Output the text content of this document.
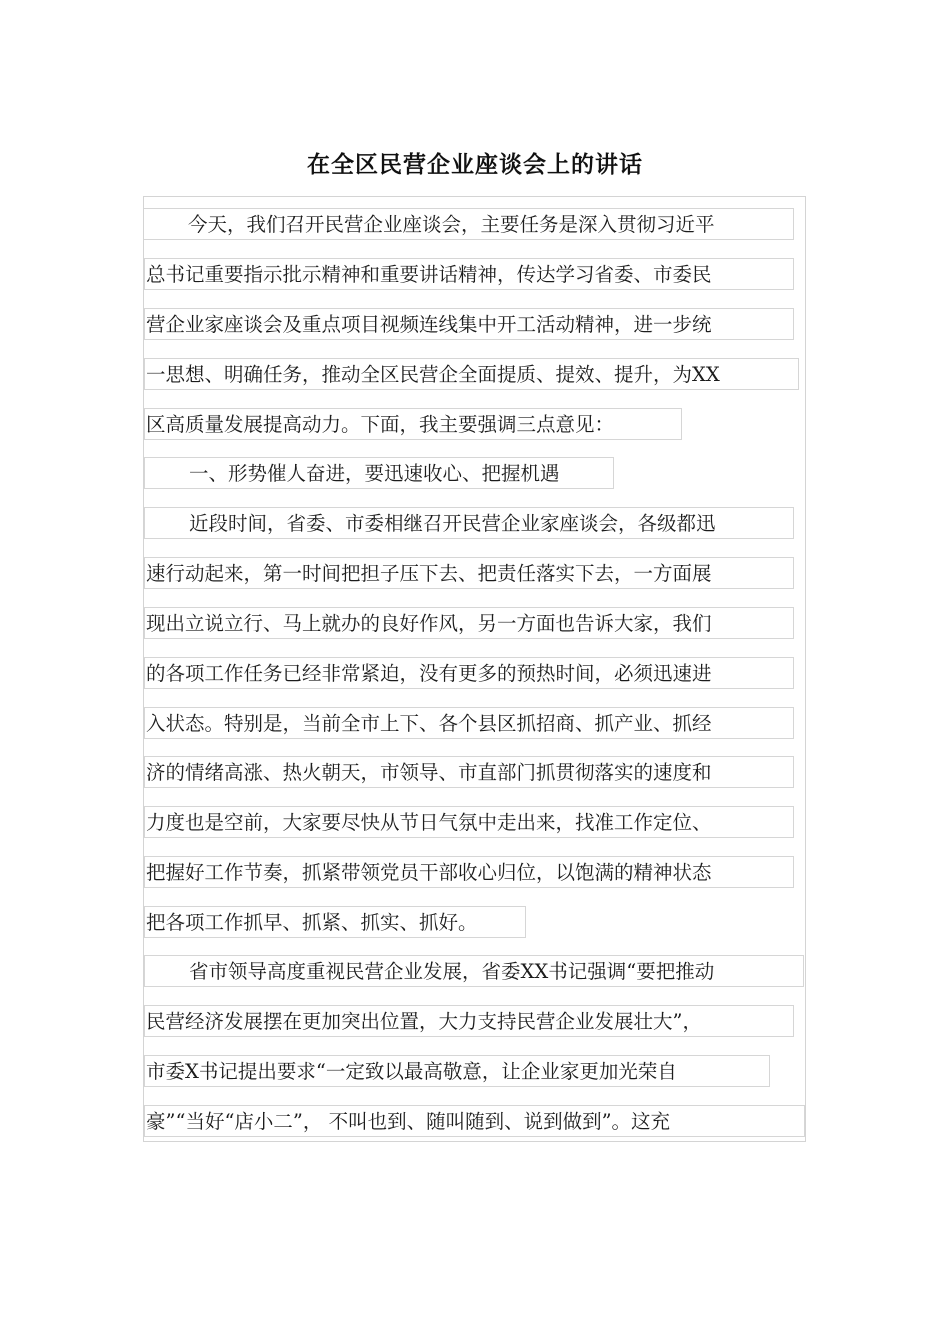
在全区民营企业座谈会上的讲话
今天，我们召开民营企业座谈会，主要任务是深入贯彻习近平
总书记重要指示批示精神和重要讲话精神，传达学习省委、市委民
营企业家座谈会及重点项目视频连线集中开工活动精神，进一步统
一思想、明确任务，推动全区民营企全面提质、提效、提升，为XX
区高质量发展提高动力。下面，我主要强调三点意见：
一、形势催人奋进，要迅速收心、把握机遇
近段时间，省委、市委相继召开民营企业家座谈会，各级都迅
速行动起来，第一时间把担子压下去、把责任落实下去，一方面展
现出立说立行、马上就办的良好作风，另一方面也告诉大家，我们
的各项工作任务已经非常紧迫，没有更多的预热时间，必须迅速进
入状态。特别是，当前全市上下、各个县区抓招商、抓产业、抓经
济的情绪高涨、热火朝天，市领导、市直部门抓贯彻落实的速度和
力度也是空前，大家要尽快从节日气氛中走出来，找准工作定位、
把握好工作节奏，抓紧带领党员干部收心归位，以饱满的精神状态
把各项工作抓早、抓紧、抓实、抓好。
省市领导高度重视民营企业发展，省委XX书记强调“要把推动
民营经济发展摆在更加突出位置，大力支持民营企业发展壮大”，
市委X书记提出要求“一定致以最高敬意，让企业家更加光荣自
豪”“当好“店小二”， 不叫也到、随叫随到、说到做到”。这充
